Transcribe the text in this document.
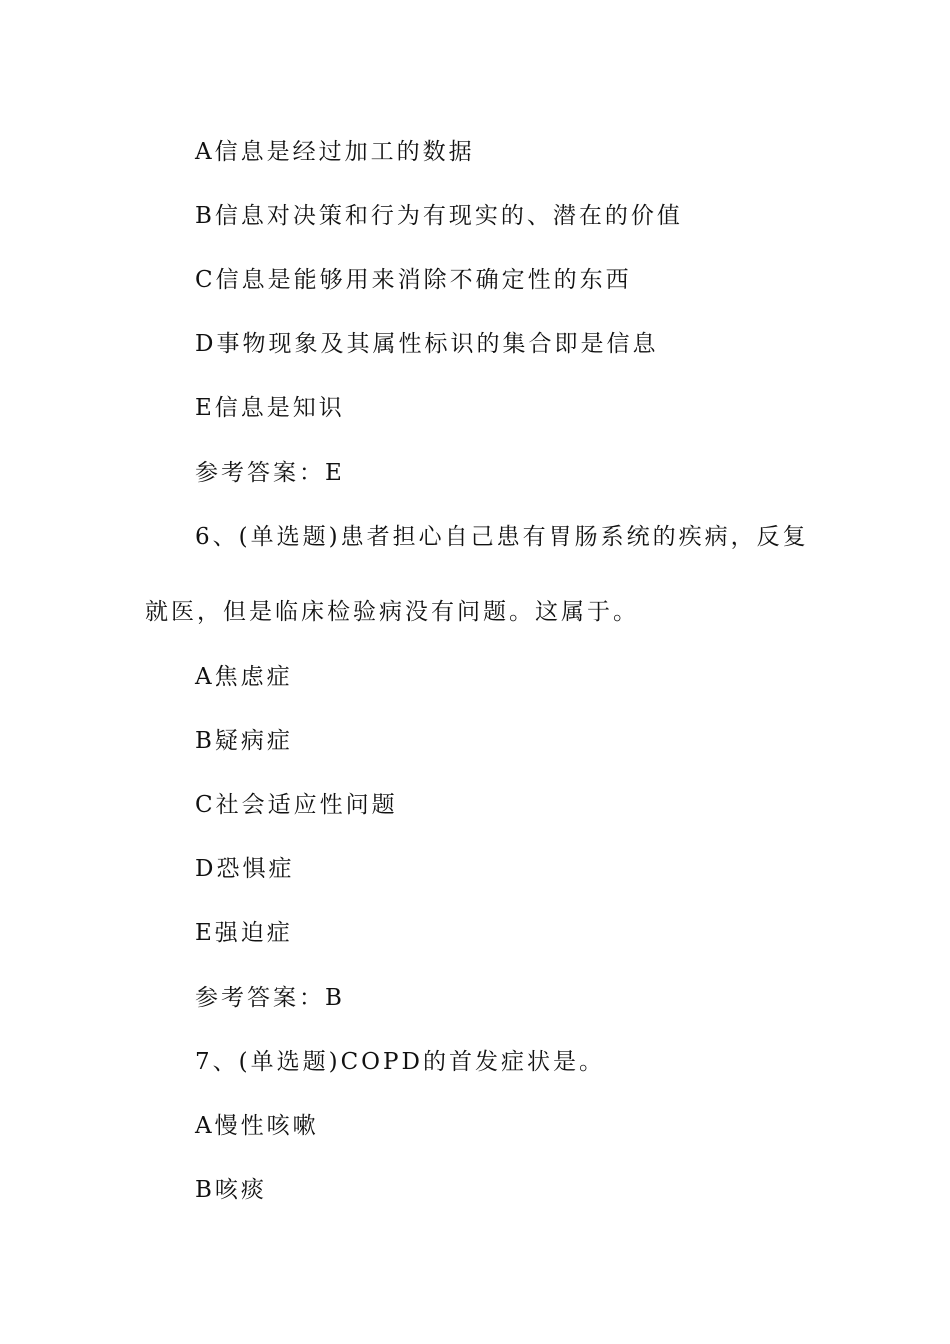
A信息是经过加工的数据
B信息对决策和行为有现实的、潜在的价值
C信息是能够用来消除不确定性的东西
D事物现象及其属性标识的集合即是信息
E信息是知识
参考答案：E
6、(单选题)患者担心自己患有胃肠系统的疾病，反复
就医，但是临床检验病没有问题。这属于。
A焦虑症
B疑病症
C社会适应性问题
D恐惧症
E强迫症
参考答案：B
7、(单选题)COPD的首发症状是。
A慢性咳嗽
B咳痰
